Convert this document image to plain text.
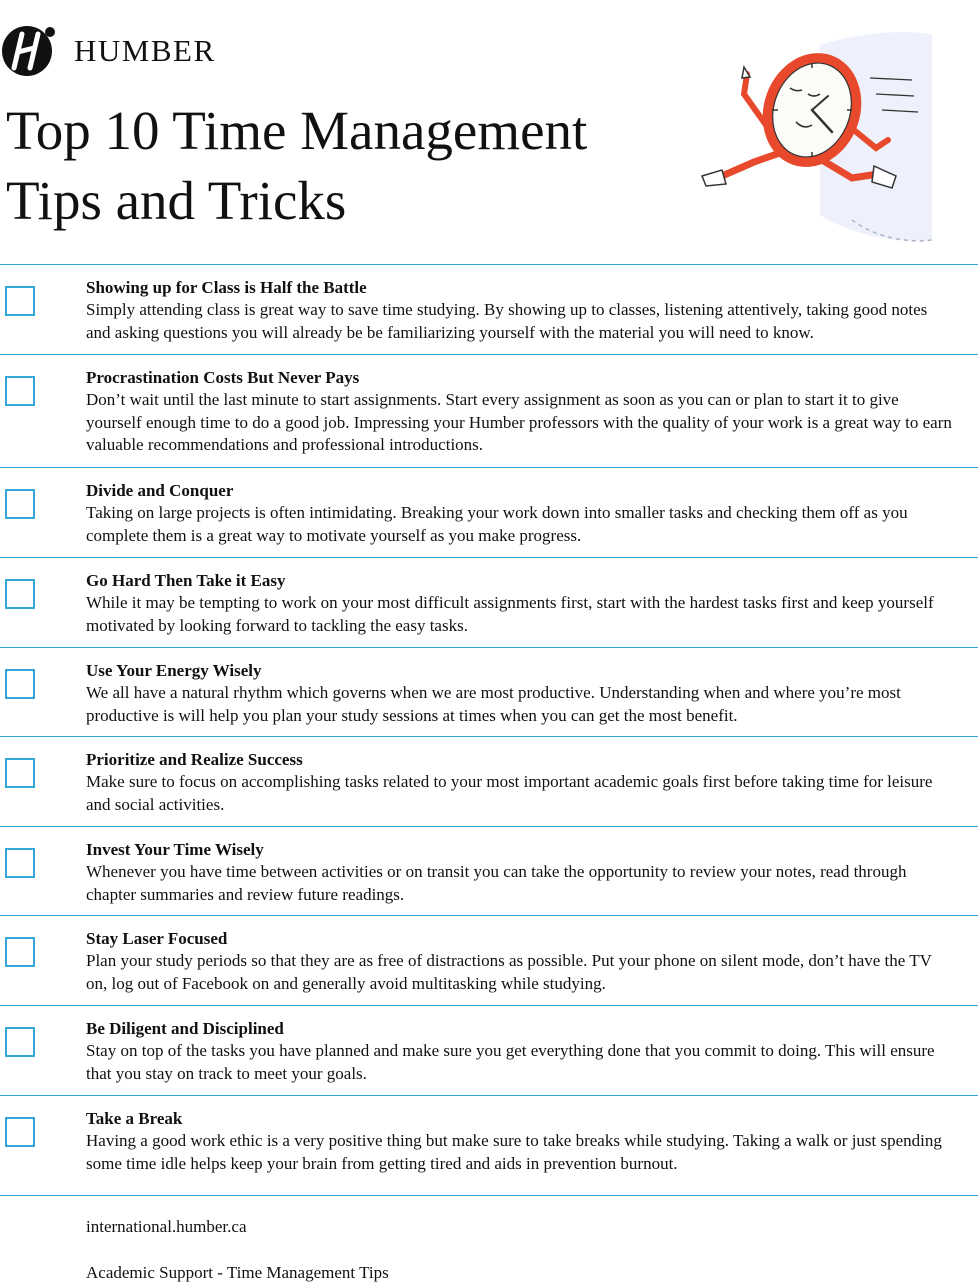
HUMBER
Top 10 Time Management
Tips and Tricks
Showing up for Class is Half the Battle

Simply attending class is great way to save time studying. By showing up to classes, listening attentively, taking good notes and asking questions you will already be be familiarizing yourself with the material you will need to know.

Procrastination Costs But Never Pays

Don’t wait until the last minute to start assignments. Start every assignment as soon as you can or plan to start it to give yourself enough time to do a good job. Impressing your Humber professors with the quality of your work is a great way to earn valuable recommendations and professional introductions.

Divide and Conquer

Taking on large projects is often intimidating. Breaking your work down into smaller tasks and checking them off as you complete them is a great way to motivate yourself as you make progress.

Go Hard Then Take it Easy

While it may be tempting to work on your most difficult assignments first, start with the hardest tasks first and keep yourself motivated by looking forward to tackling the easy tasks.

Use Your Energy Wisely

We all have a natural rhythm which governs when we are most productive. Understanding when and where you’re most productive is will help you plan your study sessions at times when you can get the most benefit.

Prioritize and Realize Success

Make sure to focus on accomplishing tasks related to your most important academic goals first before taking time for leisure and social activities.

Invest Your Time Wisely

Whenever you have time between activities or on transit you can take the opportunity to review your notes, read through chapter summaries and review future readings.

Stay Laser Focused

Plan your study periods so that they are as free of distractions as possible. Put your phone on silent mode, don’t have the TV on, log out of Facebook on and generally avoid multitasking while studying.

Be Diligent and Disciplined

Stay on top of the tasks you have planned and make sure you get everything done that you commit to doing. This will ensure that you stay on track to meet your goals.

Take a Break

Having a good work ethic is a very positive thing but make sure to take breaks while studying. Taking a walk or just spending some time idle helps keep your brain from getting tired and aids in prevention burnout.

international.humber.ca
Academic Support - Time Management Tips
